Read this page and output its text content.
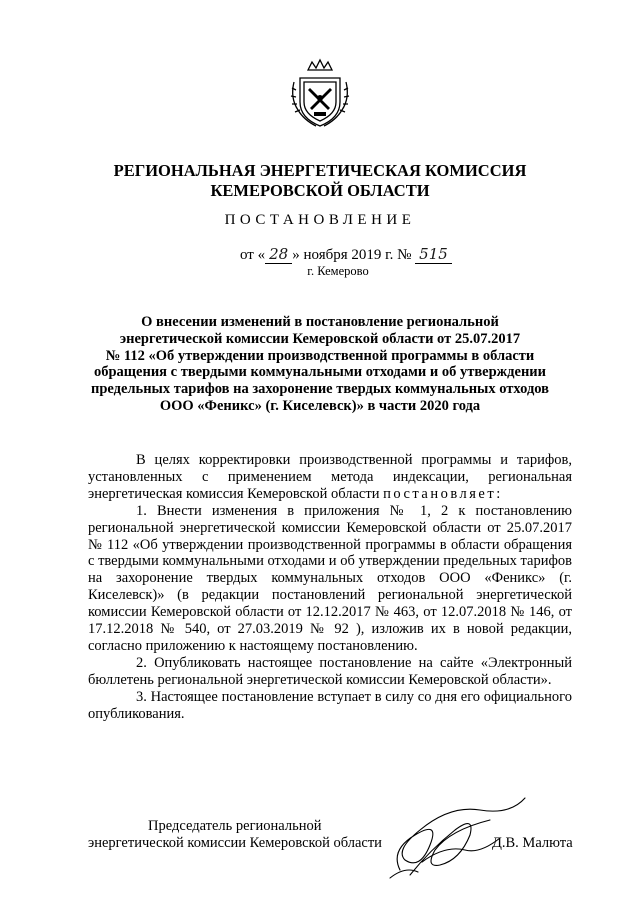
РЕГИОНАЛЬНАЯ ЭНЕРГЕТИЧЕСКАЯ КОМИССИЯ
КЕМЕРОВСКОЙ ОБЛАСТИ
ПОСТАНОВЛЕНИЕ
от « 28 » ноября 2019 г. № 515
г. Кемерово
О внесении изменений в постановление региональной
энергетической комиссии Кемеровской области от 25.07.2017
№ 112 «Об утверждении производственной программы в области
обращения с твердыми коммунальными отходами и об утверждении
предельных тарифов на захоронение твердых коммунальных отходов
ООО «Феникс» (г. Киселевск)» в части 2020 года

В целях корректировки производственной программы и тарифов, установленных с применением метода индексации, региональная энергетическая комиссия Кемеровской области постановляет:

1. Внести изменения в приложения № 1, 2 к постановлению региональной энергетической комиссии Кемеровской области от 25.07.2017 № 112 «Об утверждении производственной программы в области обращения с твердыми коммунальными отходами и об утверждении предельных тарифов на захоронение твердых коммунальных отходов ООО «Феникс» (г. Киселевск)» (в редакции постановлений региональной энергетической комиссии Кемеровской области от 12.12.2017 № 463, от 12.07.2018 № 146, от 17.12.2018 № 540, от 27.03.2019 № 92 ), изложив их в новой редакции, согласно приложению к настоящему постановлению.

2. Опубликовать настоящее постановление на сайте «Электронный бюллетень региональной энергетической комиссии Кемеровской области».

3. Настоящее постановление вступает в силу со дня его официального опубликования.

Председатель региональной
энергетической комиссии Кемеровской области	Д.В. Малюта
